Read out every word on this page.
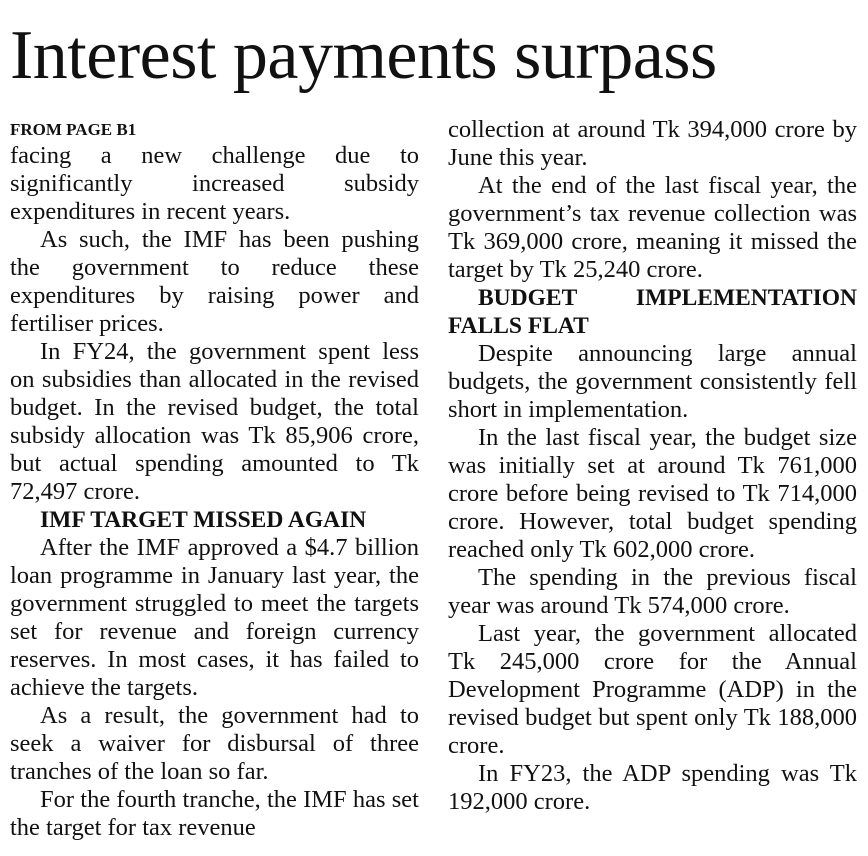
Interest payments surpass
FROM PAGE B1

facing a new challenge due to significantly increased subsidy expenditures in recent years.

As such, the IMF has been pushing the government to reduce these expenditures by raising power and fertiliser prices.

In FY24, the government spent less on subsidies than allocated in the revised budget. In the revised budget, the total subsidy allocation was Tk 85,906 crore, but actual spending amounted to Tk 72,497 crore.

IMF TARGET MISSED AGAIN

After the IMF approved a $4.7 billion loan programme in January last year, the government struggled to meet the targets set for revenue and foreign currency reserves. In most cases, it has failed to achieve the targets.

As a result, the government had to seek a waiver for disbursal of three tranches of the loan so far.

For the fourth tranche, the IMF has set the target for tax revenue

collection at around Tk 394,000 crore by June this year.

At the end of the last fiscal year, the government’s tax revenue collection was Tk 369,000 crore, meaning it missed the target by Tk 25,240 crore.

BUDGET IMPLEMENTATION FALLS FLAT

Despite announcing large annual budgets, the government consistently fell short in implementation.

In the last fiscal year, the budget size was initially set at around Tk 761,000 crore before being revised to Tk 714,000 crore. However, total budget spending reached only Tk 602,000 crore.

The spending in the previous fiscal year was around Tk 574,000 crore.

Last year, the government allocated Tk 245,000 crore for the Annual Development Programme (ADP) in the revised budget but spent only Tk 188,000 crore.

In FY23, the ADP spending was Tk 192,000 crore.
